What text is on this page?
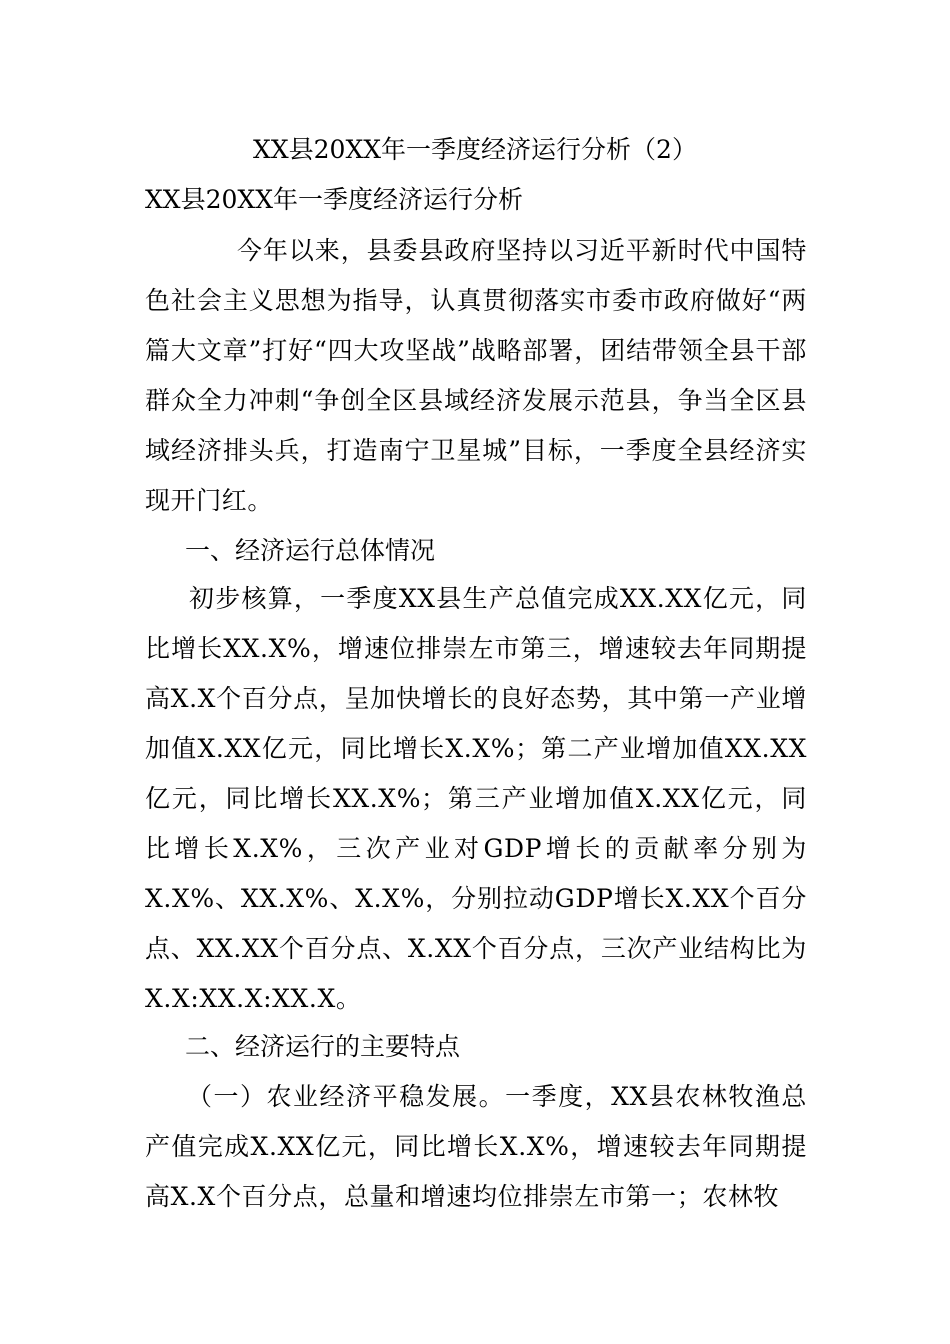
XX县20XX年一季度经济运行分析（2）
XX县20XX年一季度经济运行分析
今年以来，县委县政府坚持以习近平新时代中国特色社会主义思想为指导，认真贯彻落实市委市政府做好“两篇大文章”打好“四大攻坚战”战略部署，团结带领全县干部群众全力冲刺“争创全区县域经济发展示范县，争当全区县域经济排头兵，打造南宁卫星城”目标，一季度全县经济实现开门红。
一、经济运行总体情况
初步核算，一季度XX县生产总值完成XX.XX亿元，同比增长XX.X%，增速位排崇左市第三，增速较去年同期提高X.X个百分点，呈加快增长的良好态势，其中第一产业增加值X.XX亿元，同比增长X.X%；第二产业增加值XX.XX亿元，同比增长XX.X%；第三产业增加值X.XX亿元，同比增长X.X%，三次产业对GDP增长的贡献率分别为X.X%、XX.X%、X.X%，分别拉动GDP增长X.XX个百分点、XX.XX个百分点、X.XX个百分点，三次产业结构比为X.X:XX.X:XX.X。
二、经济运行的主要特点
（一）农业经济平稳发展。一季度，XX县农林牧渔总产值完成X.XX亿元，同比增长X.X%，增速较去年同期提高X.X个百分点，总量和增速均位排崇左市第一；农林牧
